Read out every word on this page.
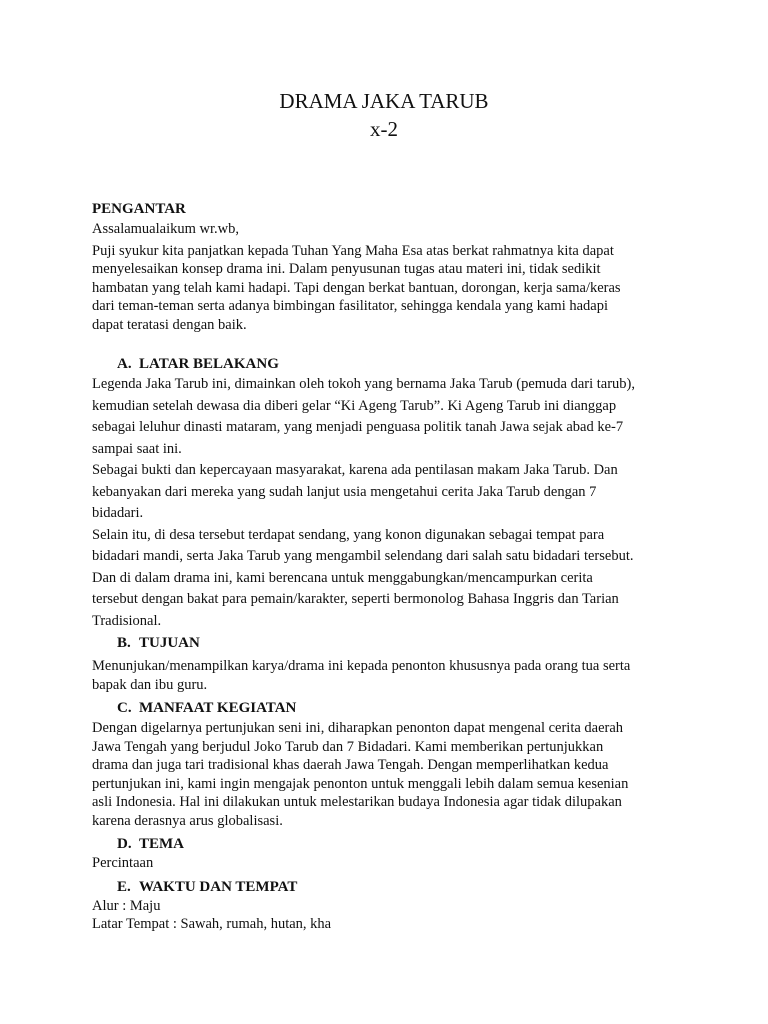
DRAMA JAKA TARUB
x-2
PENGANTAR
Assalamualaikum wr.wb,
Puji syukur kita panjatkan kepada Tuhan Yang Maha Esa atas berkat rahmatnya kita dapat
menyelesaikan konsep drama ini. Dalam penyusunan tugas atau materi ini, tidak sedikit
hambatan yang telah kami hadapi. Tapi dengan berkat bantuan, dorongan, kerja sama/keras
dari teman-teman serta adanya bimbingan fasilitator, sehingga kendala yang kami hadapi
dapat teratasi dengan baik.
A. LATAR BELAKANG
Legenda Jaka Tarub ini, dimainkan oleh tokoh yang bernama Jaka Tarub (pemuda dari tarub),
kemudian setelah dewasa dia diberi gelar “Ki Ageng Tarub”. Ki Ageng Tarub ini dianggap
sebagai leluhur dinasti mataram, yang menjadi penguasa politik tanah Jawa sejak abad ke-7
sampai saat ini.
Sebagai bukti dan kepercayaan masyarakat, karena ada pentilasan makam Jaka Tarub. Dan
kebanyakan dari mereka yang sudah lanjut usia mengetahui cerita Jaka Tarub dengan 7
bidadari.
Selain itu, di desa tersebut terdapat sendang, yang konon digunakan sebagai tempat para
bidadari mandi, serta Jaka Tarub yang mengambil selendang dari salah satu bidadari tersebut.
Dan di dalam drama ini, kami berencana untuk menggabungkan/mencampurkan cerita
tersebut dengan bakat para pemain/karakter, seperti bermonolog Bahasa Inggris dan Tarian
Tradisional.
B. TUJUAN
Menunjukan/menampilkan karya/drama ini kepada penonton khususnya pada orang tua serta
bapak dan ibu guru.
C. MANFAAT KEGIATAN
Dengan digelarnya pertunjukan seni ini, diharapkan penonton dapat mengenal cerita daerah
Jawa Tengah yang berjudul Joko Tarub dan 7 Bidadari. Kami memberikan pertunjukkan
drama dan juga tari tradisional khas daerah Jawa Tengah. Dengan memperlihatkan kedua
pertunjukan ini, kami ingin mengajak penonton untuk menggali lebih dalam semua kesenian
asli Indonesia. Hal ini dilakukan untuk melestarikan budaya Indonesia agar tidak dilupakan
karena derasnya arus globalisasi.
D. TEMA
Percintaan
E. WAKTU DAN TEMPAT
Alur : Maju
Latar Tempat : Sawah, rumah, hutan, kha
